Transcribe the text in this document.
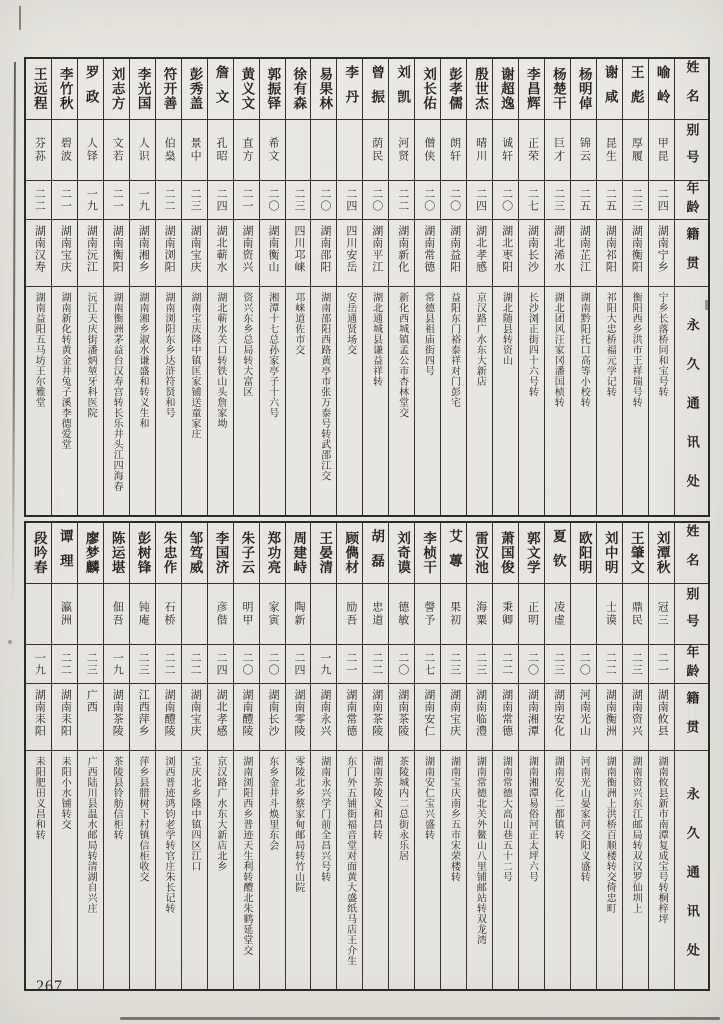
王远程
芬荪
二二
湖南汉寿
湖南益阳五马坊王尔雅堂
李竹秋
碧波
二一
湖南宝庆
湖南新化转黄金井兔子溪李德爱堂
罗政
人铎
一九
湖南沅江
沅江天庆街潘炳堃牙科医院
刘志方
文若
二一
湖南衡阳
湖南衡洲茅益台汉寿宫转长乐井头江四海春
李光国
人识
一九
湖南湘乡
湖南湘乡淑水谦盛和转义生和
符开善
伯燊
二二
湖南浏阳
湖南浏阳东乡达浒符贤和号
彭秀盖
景中
二三
湖南宝庆
湖南宝庆隆中镇匡家铺送童家庄
詹文
孔昭
二四
湖北蕲水
湖北蕲水关口转铁山头詹家坳
黄义文
直方
二一
湖南资兴
资兴东乡总局转大富区
郭振铎
希文
二〇
湖南衡山
湘潭十七总孙家亭子十六号
徐有森
二三
四川邛崃
邛崃道佐市交
易果林
二〇
湖南邵阳
湖南邵阳西路黄亭市张万泰号转武邵江交
李丹
二四
四川安岳
安岳通贤场交
曾振
荫民
二〇
湖南平江
湖北通城县谦益祥转
刘凯
河贤
二二
湖南新化
新化西城镇孟公市杏林堂交
刘长佑
僧侠
二〇
湖南常德
常德县祖庙街四号
彭孝儒
朗轩
二〇
湖南益阳
益阳东门裕泰祥对门彭宅
殷世杰
晴川
二四
湖北孝感
京汉路广水东大新店
谢超逸
诚轩
二〇
湖北枣阳
湖北随县转资山
李昌辉
正荣
二七
湖南长沙
长沙浏正街四十六号转
杨楚干
巨才
二三
湖北浠水
湖北团风汪家冈潘国桢转
杨明倬
锦云
二五
湖南芷江
湖南黔阳托口高等小校转
谢咸
昆生
二五
湖南祁阳
祁阳大忠桥福元学记转
王彪
厚履
二三
湖南衡阳
衡阳西乡洪市王祥瑞号转
喻岭
甲昆
二四
湖南宁乡
宁乡长落桥同和宝号转
姓名
别号
年龄
籍贯
永久通讯处
段吟春
一九
湖南耒阳
耒阳肥田义昌和转
谭理
瀛洲
二二
湖南耒阳
耒阳小水铺转交
廖梦麟
二三
广西
广西陆川县温水邮局转清湖自兴庄
陈运堪
佃吾
一九
湖南茶陵
茶陵县铃舫信柜转
彭树锋
钝庵
二三
江西萍乡
萍乡县腊树下村镇信柜收交
朱忠作
石桥
二二
湖南醴陵
浏西普迹鸿钧老学转官庄朱长记转
邹笃威
二二
湖南宝庆
宝庆北乡隆中镇四区江口
李国济
彦偕
二四
湖北孝感
京汉路广水东大新店北乡
朱子云
明甲
二〇
湖南醴陵
湖南浏阳西乡普迹天生利转醴北朱鹤延堂交
郑功亮
家寅
二〇
湖南长沙
东乡金井斗焕里东会
周建峙
陶新
二四
湖南零陵
零陵北乡蔡家甸邮局转竹山院
王晏清
一九
湖南永兴
湖南永兴学门前全昌兴号转
顾儁材
励吾
二一
湖南常德
东门外五铺街福音堂对面黄大盛纸马店王介生
胡磊
忠道
二二
湖南茶陵
湖南茶陵义和昌转
刘奇谟
德敏
二〇
湖南茶陵
茶陵城内二总街永乐居
李桢干
謦予
二七
湖南安仁
湖南安仁宝兴盛转
艾蓴
果初
二三
湖南宝庆
湖南宝庆南乡五市宋荣楼转
雷汉池
海粟
二三
湖南临澧
湖南常德北关外鳌山八里铺邮站转双龙湾
萧国俊
秉卿
二二
湖南常德
湖南常德大高山巷五十二号
郭文学
正明
二〇
湖南湘潭
湖南湘潭易俗河正太坪六号
夏钦
凌虚
二三
湖南安化
湖南安化二都镇转
欧阳明
二〇
河南光山
河南光山晏家河交阳义盛转
刘中明
士谟
二二
湖南衡洲
湖南衡洲上洪桥百顺楼转交倚忠町
王肇文
鼎民
二三
湖南资兴
湖南资兴东江邮局转双汉罗仙圳上
刘潭秋
冠三
二一
湖南攸县
湖南攸县新市南潭复成宝号转桐梓坪
姓名
别号
年龄
籍贯
永久通讯处
267
